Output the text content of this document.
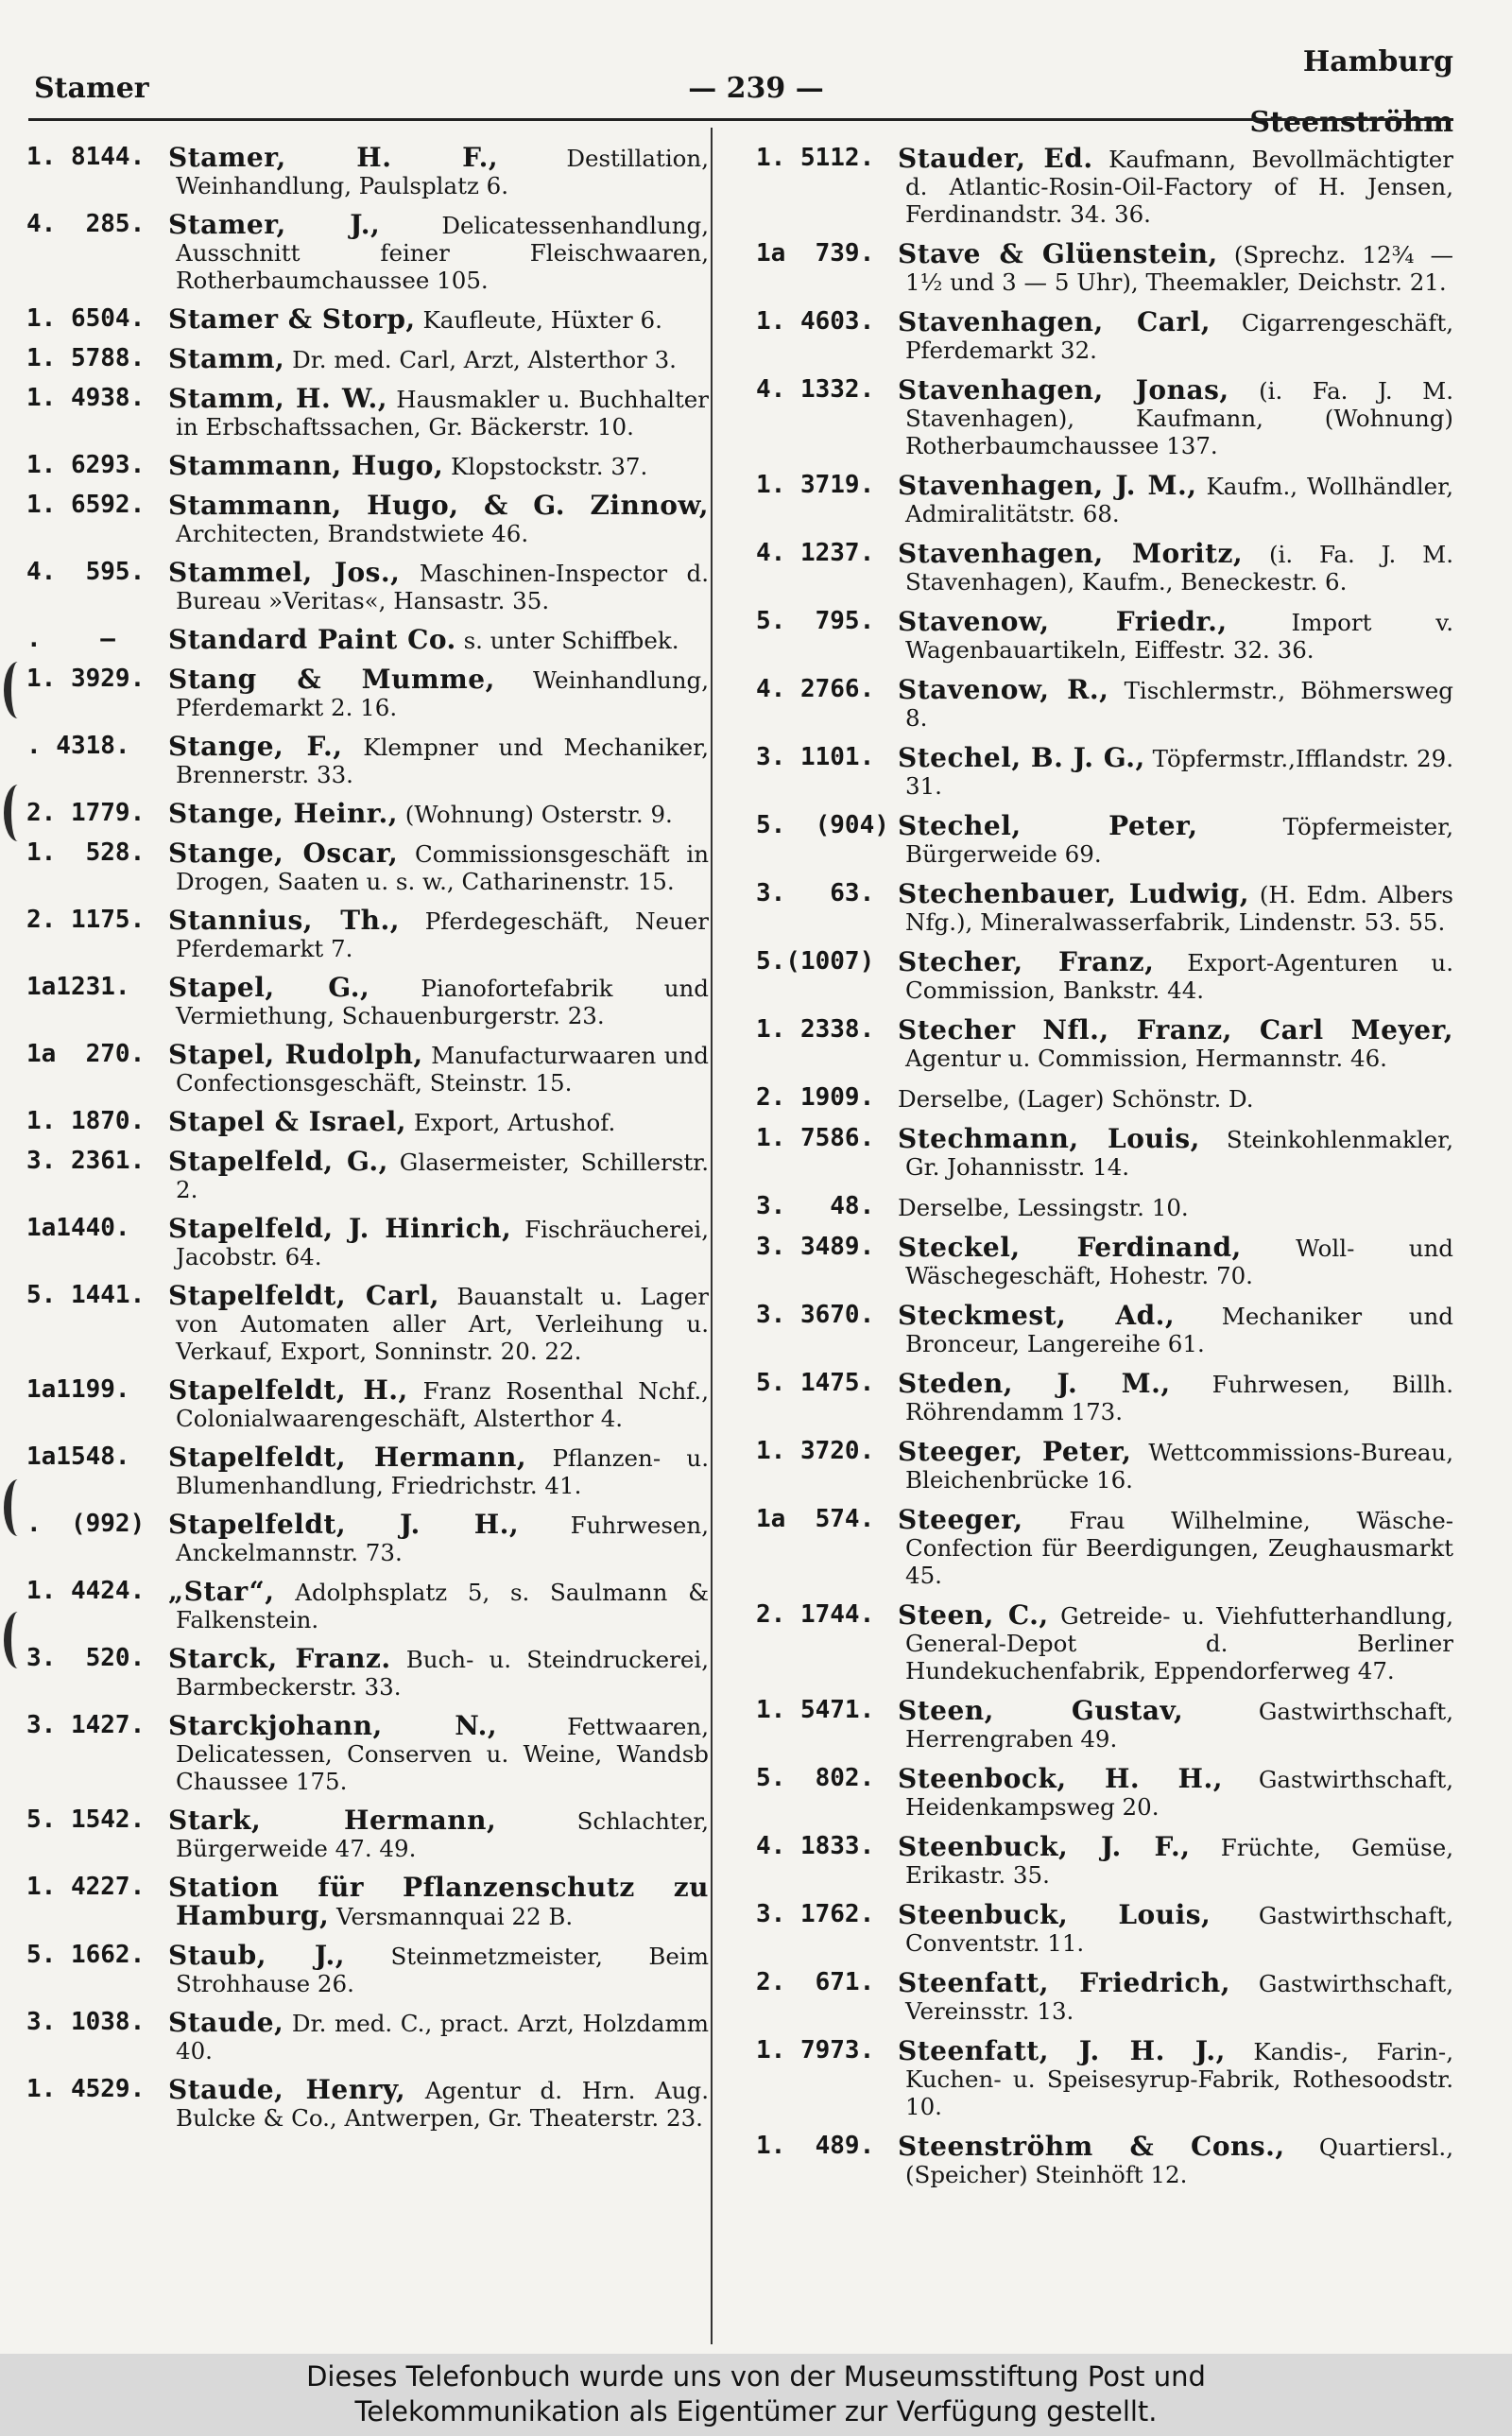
Stamer	— 239 —
Hamburg
Steenströhm
1. 8144. Stamer, H. F., Destillation, Weinhandlung, Paulsplatz 6.
4.  285. Stamer, J., Delicatessenhandlung, Ausschnitt feiner Fleischwaaren, Rotherbaumchaussee 105.
1. 6504. Stamer & Storp, Kaufleute, Hüxter 6.
1. 5788. Stamm, Dr. med. Carl, Arzt, Alsterthor 3.
1. 4938. Stamm, H. W., Hausmakler u. Buchhalter in Erbschaftssachen, Gr. Bäckerstr. 10.
1. 6293. Stammann, Hugo, Klopstockstr. 37.
1. 6592. Stammann, Hugo, & G. Zinnow, Architecten, Brandstwiete 46.
4.  595. Stammel, Jos., Maschinen-Inspector d. Bureau »Veritas«, Hansastr. 35.
.    — Standard Paint Co. s. unter Schiffbek.
1. 3929. Stang & Mumme, Weinhandlung, Pferdemarkt 2. 16.
. 4318.	Stange, F., Klempner und Mechaniker, Brennerstr. 33.
2. 1779. Stange, Heinr., (Wohnung) Osterstr. 9.
1.  528. Stange, Oscar, Commissionsgeschäft in Drogen, Saaten u. s. w., Catharinenstr. 15.
2. 1175. Stannius, Th., Pferdegeschäft, Neuer Pferdemarkt 7.
1a1231.	Stapel, G., Pianofortefabrik und Vermiethung, Schauenburgerstr. 23.
1a  270. Stapel, Rudolph, Manufacturwaaren und Confectionsgeschäft, Steinstr. 15.
1. 1870. Stapel & Israel, Export, Artushof.
3. 2361. Stapelfeld, G., Glasermeister, Schillerstr. 2.
1a1440.	Stapelfeld, J. Hinrich, Fischräucherei, Jacobstr. 64.
5. 1441. Stapelfeldt, Carl, Bauanstalt u. Lager von Automaten aller Art, Verleihung u. Verkauf, Export, Sonninstr. 20. 22.
1a1199.	Stapelfeldt, H., Franz Rosenthal Nchf., Colonialwaarengeschäft, Alsterthor 4.
1a1548.	Stapelfeldt, Hermann, Pflanzen- u. Blumenhandlung, Friedrichstr. 41.
.  (992) Stapelfeldt, J. H., Fuhrwesen, Anckelmannstr. 73.
1. 4424. „Star“, Adolphsplatz 5, s. Saulmann & Falkenstein.
3.  520. Starck, Franz. Buch- u. Steindruckerei, Barmbeckerstr. 33.
3. 1427. Starckjohann, N., Fettwaaren, Delicatessen, Conserven u. Weine, Wandsb Chaussee 175.
5. 1542. Stark, Hermann, Schlachter, Bürgerweide 47. 49.
1. 4227. Station für Pflanzenschutz zu Hamburg, Versmannquai 22 B.
5. 1662. Staub, J., Steinmetzmeister, Beim Strohhause 26.
3. 1038. Staude, Dr. med. C., pract. Arzt, Holzdamm 40.
1. 4529. Staude, Henry, Agentur d. Hrn. Aug. Bulcke & Co., Antwerpen, Gr. Theaterstr. 23.
1. 5112. Stauder, Ed. Kaufmann, Bevollmächtigter d. Atlantic-Rosin-Oil-Factory of H. Jensen, Ferdinandstr. 34. 36.
1a  739. Stave & Glüenstein, (Sprechz. 12¾ — 1½ und 3 — 5 Uhr), Theemakler, Deichstr. 21.
1. 4603. Stavenhagen, Carl, Cigarrengeschäft, Pferdemarkt 32.
4. 1332. Stavenhagen, Jonas, (i. Fa. J. M. Stavenhagen), Kaufmann, (Wohnung) Rotherbaumchaussee 137.
1. 3719. Stavenhagen, J. M., Kaufm., Wollhändler, Admiralitätstr. 68.
4. 1237. Stavenhagen, Moritz, (i. Fa. J. M. Stavenhagen), Kaufm., Beneckestr. 6.
5.  795. Stavenow, Friedr., Import v. Wagenbauartikeln, Eiffestr. 32. 36.
4. 2766. Stavenow, R., Tischlermstr., Böhmersweg 8.
3. 1101. Stechel, B. J. G., Töpfermstr.,Ifflandstr. 29. 31.
5.  (904) Stechel, Peter, Töpfermeister, Bürgerweide 69.
3.   63. Stechenbauer, Ludwig, (H. Edm. Albers Nfg.), Mineralwasserfabrik, Lindenstr. 53. 55.
5.(1007) Stecher, Franz, Export-Agenturen u. Commission, Bankstr. 44.
1. 2338. Stecher Nfl., Franz, Carl Meyer, Agentur u. Commission, Hermannstr. 46.
2. 1909.	Derselbe, (Lager) Schönstr. D.
1. 7586. Stechmann, Louis, Steinkohlenmakler, Gr. Johannisstr. 14.
3.   48.	Derselbe, Lessingstr. 10.
3. 3489. Steckel, Ferdinand, Woll- und Wäschegeschäft, Hohestr. 70.
3. 3670. Steckmest, Ad., Mechaniker und Bronceur, Langereihe 61.
5. 1475. Steden, J. M., Fuhrwesen, Billh. Röhrendamm 173.
1. 3720. Steeger, Peter, Wettcommissions-Bureau, Bleichenbrücke 16.
1a  574. Steeger, Frau Wilhelmine, Wäsche-Confection für Beerdigungen, Zeughausmarkt 45.
2. 1744. Steen, C., Getreide- u. Viehfutterhandlung, General-Depot d. Berliner Hundekuchenfabrik, Eppendorferweg 47.
1. 5471. Steen, Gustav, Gastwirthschaft, Herrengraben 49.
5.  802. Steenbock, H. H., Gastwirthschaft, Heidenkampsweg 20.
4. 1833. Steenbuck, J. F., Früchte, Gemüse, Erikastr. 35.
3. 1762. Steenbuck, Louis, Gastwirthschaft, Conventstr. 11.
2.  671. Steenfatt, Friedrich, Gastwirthschaft, Vereinsstr. 13.
1. 7973. Steenfatt, J. H. J., Kandis-, Farin-, Kuchen- u. Speisesyrup-Fabrik, Rothesoodstr. 10.
1.  489. Steenströhm & Cons., Quartiersl., (Speicher) Steinhöft 12.
Dieses Telefonbuch wurde uns von der Museumsstiftung Post und
Telekommunikation als Eigentümer zur Verfügung gestellt.
